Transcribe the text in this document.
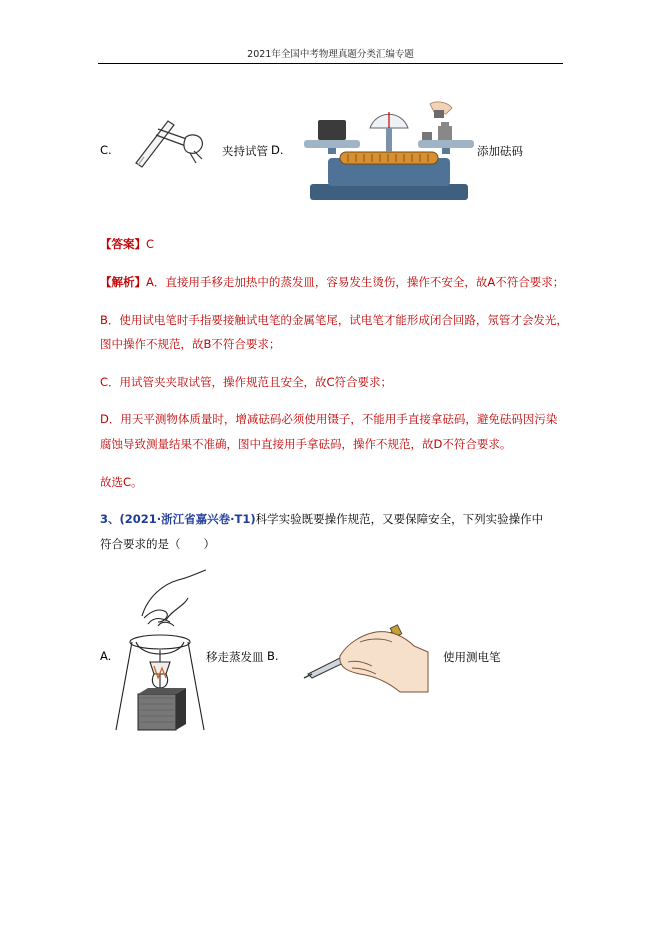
2021年全国中考物理真题分类汇编专题
C.	夹持试管 D.	添加砝码
【答案】C
【解析】A．直接用手移走加热中的蒸发皿，容易发生烫伤，操作不安全，故A不符合要求；
B．使用试电笔时手指要接触试电笔的金属笔尾，试电笔才能形成闭合回路，氖管才会发光，
图中操作不规范，故B不符合要求；
C．用试管夹夹取试管，操作规范且安全，故C符合要求；
D．用天平测物体质量时，增减砝码必须使用镊子，不能用手直接拿砝码，避免砝码因污染
腐蚀导致测量结果不准确，图中直接用手拿砝码，操作不规范，故D不符合要求。
故选C。
3、(2021·浙江省嘉兴卷·T1)科学实验既要操作规范，又要保障安全，下列实验操作中
符合要求的是（　　）
A.	移走蒸发皿 B.	使用测电笔
